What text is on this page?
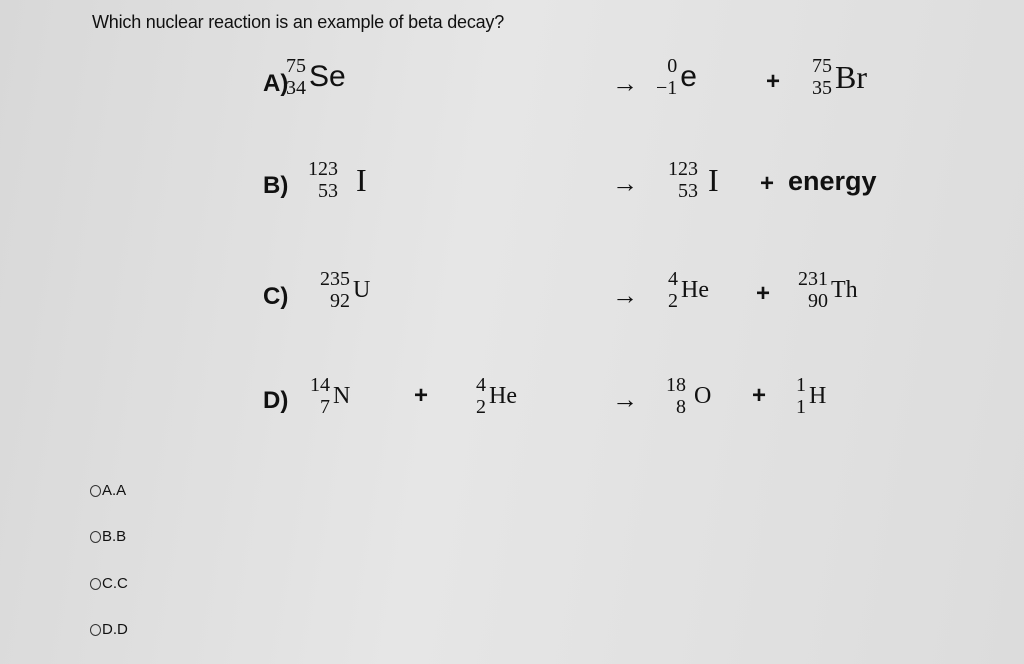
Which nuclear reaction is an example of beta decay?
A)
75
34 Se	→
0
−1 e	+
75
35 Br
B)
123
53 I	→ 123
53 I + energy
C)
235
92 U	→
4
2 He +
231
90 Th
D)
14
7 N	+ 4
2 He	→ 18
8 O + 1
1 H
A.A
B.B
C.C
D.D
